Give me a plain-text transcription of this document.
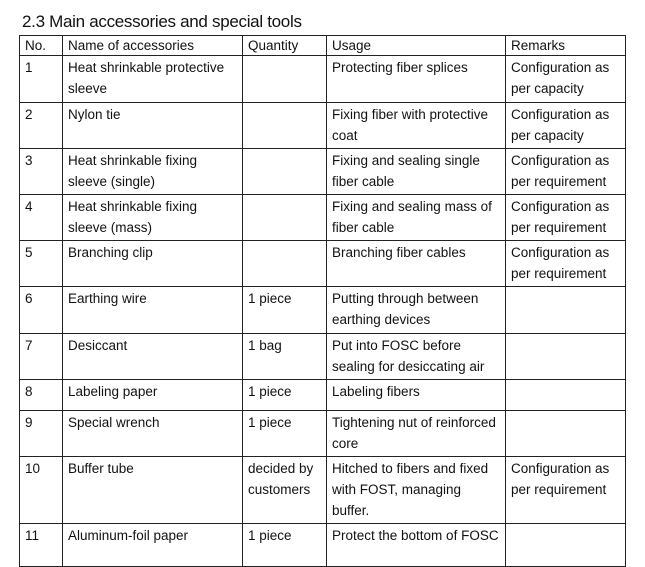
2.3 Main accessories and special tools
No.	Name of accessories	Quantity	Usage	Remarks
1	Heat shrinkable protective sleeve		Protecting fiber splices	Configuration as per capacity
2	Nylon tie		Fixing fiber with protective coat	Configuration as per capacity
3	Heat shrinkable fixing sleeve (single)		Fixing and sealing single fiber cable	Configuration as per requirement
4	Heat shrinkable fixing sleeve (mass)		Fixing and sealing mass of fiber cable	Configuration as per requirement
5	Branching clip		Branching fiber cables	Configuration as per requirement
6	Earthing wire	1 piece	Putting through between earthing devices	
7	Desiccant	1 bag	Put into FOSC before sealing for desiccating air	
8	Labeling paper	1 piece	Labeling fibers	
9	Special wrench	1 piece	Tightening nut of reinforced core	
10	Buffer tube	decided by customers	Hitched to fibers and fixed with FOST, managing buffer.	Configuration as per requirement
11	Aluminum-foil paper	1 piece	Protect the bottom of FOSC	
